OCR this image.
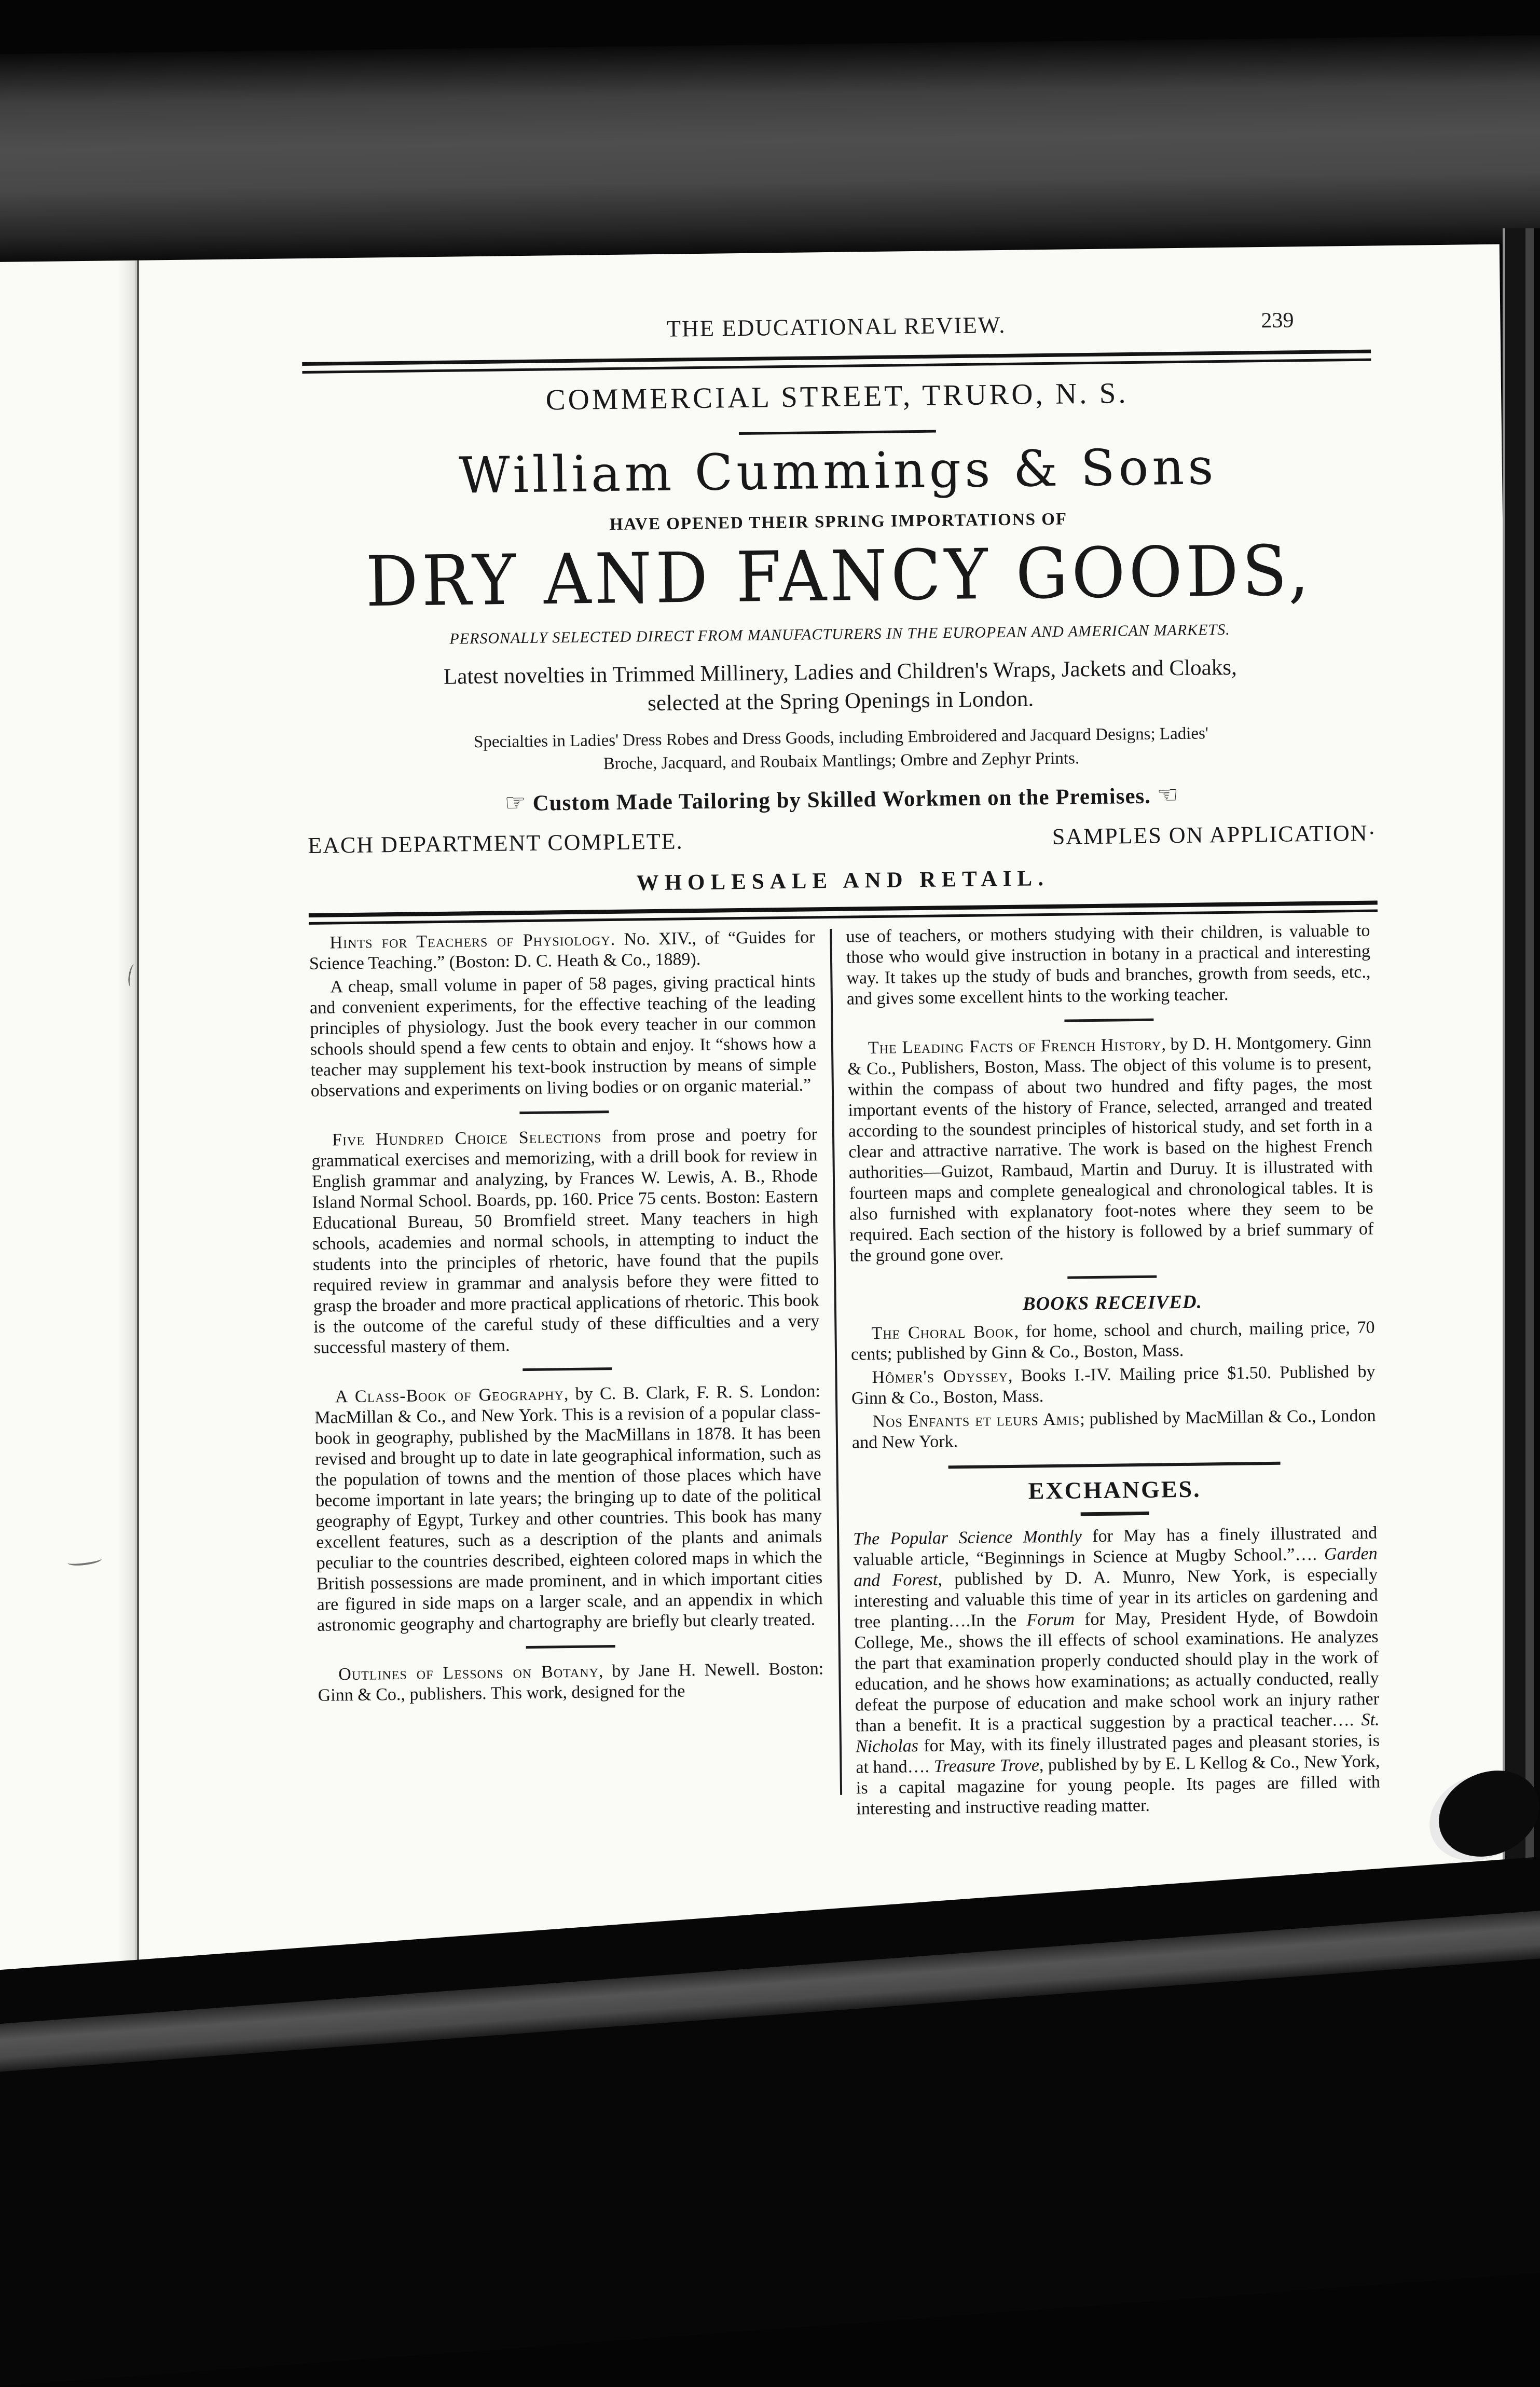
THE EDUCATIONAL REVIEW.	239
COMMERCIAL STREET, TRURO, N. S.
William Cummings & Sons
HAVE OPENED THEIR SPRING IMPORTATIONS OF
DRY AND FANCY GOODS,
PERSONALLY SELECTED DIRECT FROM MANUFACTURERS IN THE EUROPEAN AND AMERICAN MARKETS.
Latest novelties in Trimmed Millinery, Ladies and Children's Wraps, Jackets and Cloaks,
selected at the Spring Openings in London.
Specialties in Ladies' Dress Robes and Dress Goods, including Embroidered and Jacquard Designs; Ladies'
Broche, Jacquard, and Roubaix Mantlings; Ombre and Zephyr Prints.
☞ Custom Made Tailoring by Skilled Workmen on the Premises. ☜
EACH DEPARTMENT COMPLETE.	SAMPLES ON APPLICATION·
WHOLESALE AND RETAIL.

Hints for Teachers of Physiology. No. XIV., of “Guides for Science Teaching.” (Boston: D. C. Heath & Co., 1889).

A cheap, small volume in paper of 58 pages, giving practical hints and convenient experiments, for the effective teaching of the leading principles of physiology. Just the book every teacher in our common schools should spend a few cents to obtain and enjoy. It “shows how a teacher may supplement his text-book instruction by means of simple observations and experiments on living bodies or on organic material.”

Five Hundred Choice Selections from prose and poetry for grammatical exercises and memorizing, with a drill book for review in English grammar and analyzing, by Frances W. Lewis, A. B., Rhode Island Normal School. Boards, pp. 160. Price 75 cents. Boston: Eastern Educational Bureau, 50 Bromfield street. Many teachers in high schools, academies and normal schools, in attempting to induct the students into the principles of rhetoric, have found that the pupils required review in grammar and analysis before they were fitted to grasp the broader and more practical applications of rhetoric. This book is the outcome of the careful study of these difficulties and a very successful mastery of them.

A Class-Book of Geography, by C. B. Clark, F. R. S. London: MacMillan & Co., and New York. This is a revision of a popular class-book in geography, published by the MacMillans in 1878. It has been revised and brought up to date in late geographical information, such as the population of towns and the mention of those places which have become important in late years; the bringing up to date of the political geography of Egypt, Turkey and other countries. This book has many excellent features, such as a description of the plants and animals peculiar to the countries described, eighteen colored maps in which the British possessions are made prominent, and in which important cities are figured in side maps on a larger scale, and an appendix in which astronomic geography and chartography are briefly but clearly treated.

Outlines of Lessons on Botany, by Jane H. Newell. Boston: Ginn & Co., publishers. This work, designed for the

use of teachers, or mothers studying with their children, is valuable to those who would give instruction in botany in a practical and interesting way. It takes up the study of buds and branches, growth from seeds, etc., and gives some excellent hints to the working teacher.

The Leading Facts of French History, by D. H. Montgomery. Ginn & Co., Publishers, Boston, Mass. The object of this volume is to present, within the compass of about two hundred and fifty pages, the most important events of the history of France, selected, arranged and treated according to the soundest principles of historical study, and set forth in a clear and attractive narrative. The work is based on the highest French authorities—Guizot, Rambaud, Martin and Duruy. It is illustrated with fourteen maps and complete genealogical and chronological tables. It is also furnished with explanatory foot-notes where they seem to be required. Each section of the history is followed by a brief summary of the ground gone over.

BOOKS RECEIVED.

The Choral Book, for home, school and church, mailing price, 70 cents; published by Ginn & Co., Boston, Mass.

Hômer's Odyssey, Books I.-IV. Mailing price $1.50. Published by Ginn & Co., Boston, Mass.

Nos Enfants et leurs Amis; published by MacMillan & Co., London and New York.

EXCHANGES.

The Popular Science Monthly for May has a finely illustrated and valuable article, “Beginnings in Science at Mugby School.”…. Garden and Forest, published by D. A. Munro, New York, is especially interesting and valuable this time of year in its articles on gardening and tree planting….In the Forum for May, President Hyde, of Bowdoin College, Me., shows the ill effects of school examinations. He analyzes the part that examination properly conducted should play in the work of education, and he shows how examinations; as actually conducted, really defeat the purpose of education and make school work an injury rather than a benefit. It is a practical suggestion by a practical teacher…. St. Nicholas for May, with its finely illustrated pages and pleasant stories, is at hand…. Treasure Trove, published by by E. L Kellog & Co., New York, is a capital magazine for young people. Its pages are filled with interesting and instructive reading matter.
